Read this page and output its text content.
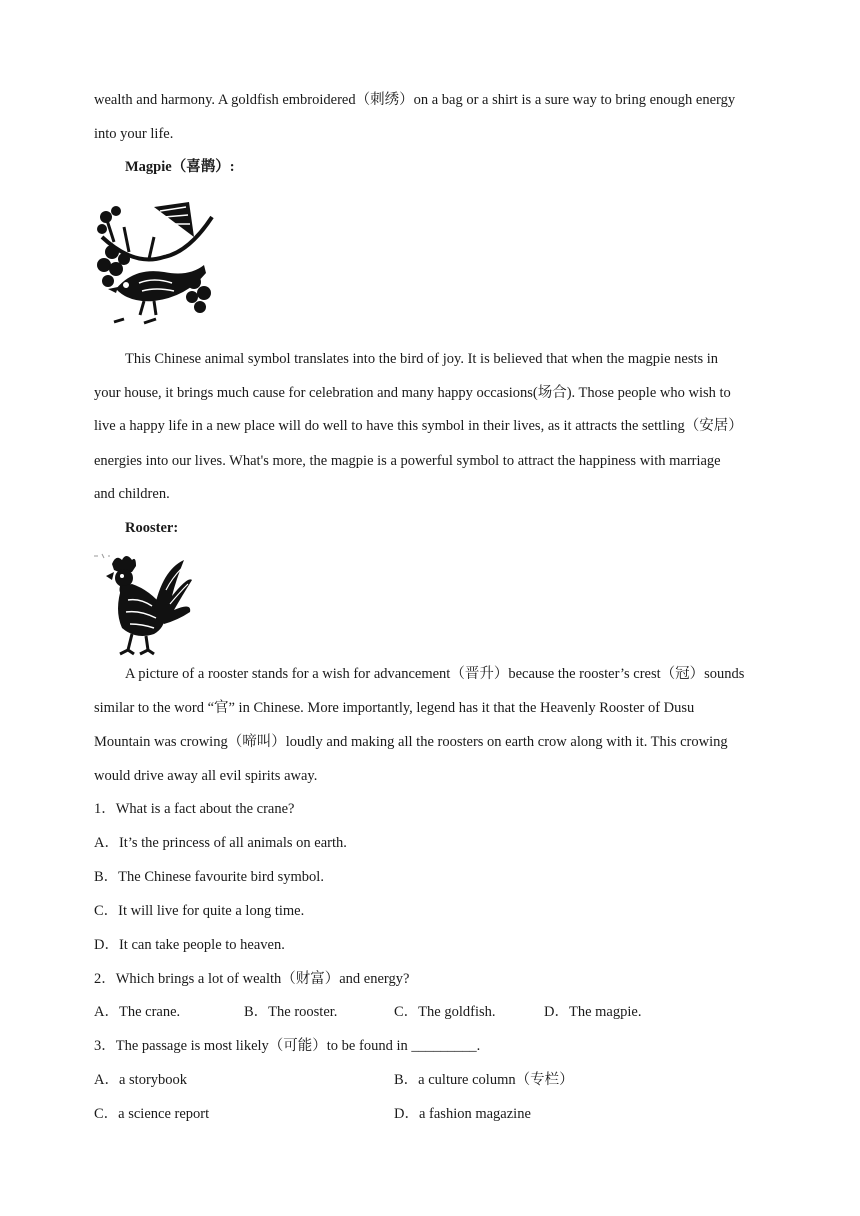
wealth and harmony. A goldfish embroidered（刺绣）on a bag or a shirt is a sure way to bring enough energy
into your life.
Magpie（喜鹊）:
This Chinese animal symbol translates into the bird of joy. It is believed that when the magpie nests in
your house, it brings much cause for celebration and many happy occasions(场合). Those people who wish to
live a happy life in a new place will do well to have this symbol in their lives, as it attracts the settling（安居）
energies into our lives. What's more, the magpie is a powerful symbol to attract the happiness with marriage
and children.
Rooster:
A picture of a rooster stands for a wish for advancement（晋升）because the rooster’s crest（冠）sounds
similar to the word “官” in Chinese. More importantly, legend has it that the Heavenly Rooster of Dusu
Mountain was crowing（啼叫）loudly and making all the roosters on earth crow along with it. This crowing
would drive away all evil spirits away.
1．What is a fact about the crane?
A．It’s the princess of all animals on earth.
B．The Chinese favourite bird symbol.
C．It will live for quite a long time.
D．It can take people to heaven.
2．Which brings a lot of wealth（财富）and energy?
A．The crane.	B．The rooster.	C．The goldfish.	D．The magpie.
3．The passage is most likely（可能）to be found in _________.
A．a storybook	B．a culture column（专栏）
C．a science report	D．a fashion magazine
